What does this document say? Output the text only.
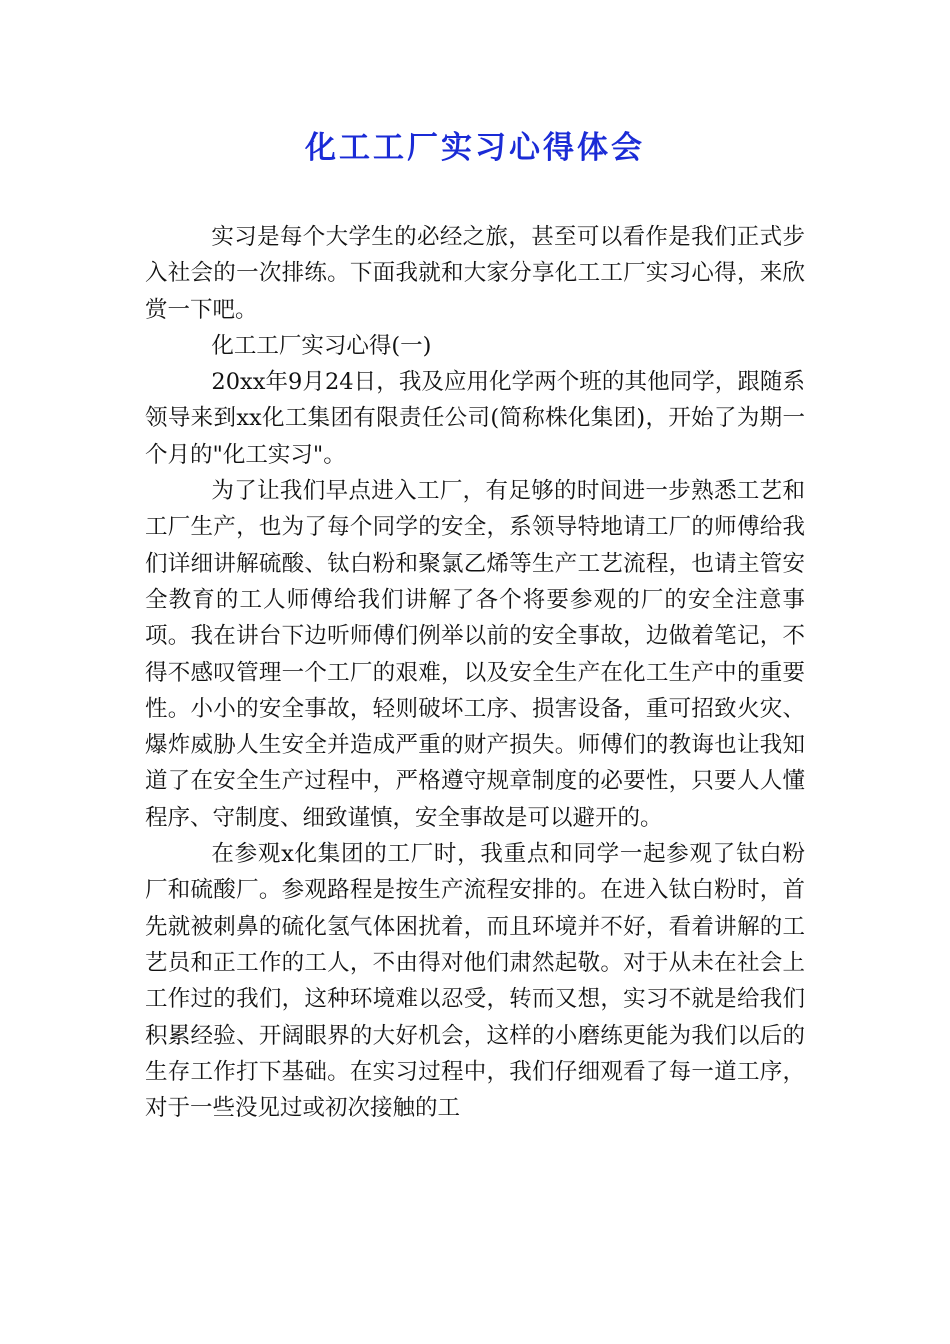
化工工厂实习心得体会

实习是每个大学生的必经之旅，甚至可以看作是我们正式步入社会的一次排练。下面我就和大家分享化工工厂实习心得，来欣赏一下吧。

化工工厂实习心得(一)

20xx年9月24日，我及应用化学两个班的其他同学，跟随系领导来到xx化工集团有限责任公司(简称株化集团)，开始了为期一个月的"化工实习"。

为了让我们早点进入工厂，有足够的时间进一步熟悉工艺和工厂生产，也为了每个同学的安全，系领导特地请工厂的师傅给我们详细讲解硫酸、钛白粉和聚氯乙烯等生产工艺流程，也请主管安全教育的工人师傅给我们讲解了各个将要参观的厂的安全注意事项。我在讲台下边听师傅们例举以前的安全事故，边做着笔记，不得不感叹管理一个工厂的艰难，以及安全生产在化工生产中的重要性。小小的安全事故，轻则破坏工序、损害设备，重可招致火灾、爆炸威胁人生安全并造成严重的财产损失。师傅们的教诲也让我知道了在安全生产过程中，严格遵守规章制度的必要性，只要人人懂程序、守制度、细致谨慎，安全事故是可以避开的。

在参观x化集团的工厂时，我重点和同学一起参观了钛白粉厂和硫酸厂。参观路程是按生产流程安排的。在进入钛白粉时，首先就被刺鼻的硫化氢气体困扰着，而且环境并不好，看着讲解的工艺员和正工作的工人，不由得对他们肃然起敬。对于从未在社会上工作过的我们，这种环境难以忍受，转而又想，实习不就是给我们积累经验、开阔眼界的大好机会，这样的小磨练更能为我们以后的生存工作打下基础。在实习过程中，我们仔细观看了每一道工序，对于一些没见过或初次接触的工
